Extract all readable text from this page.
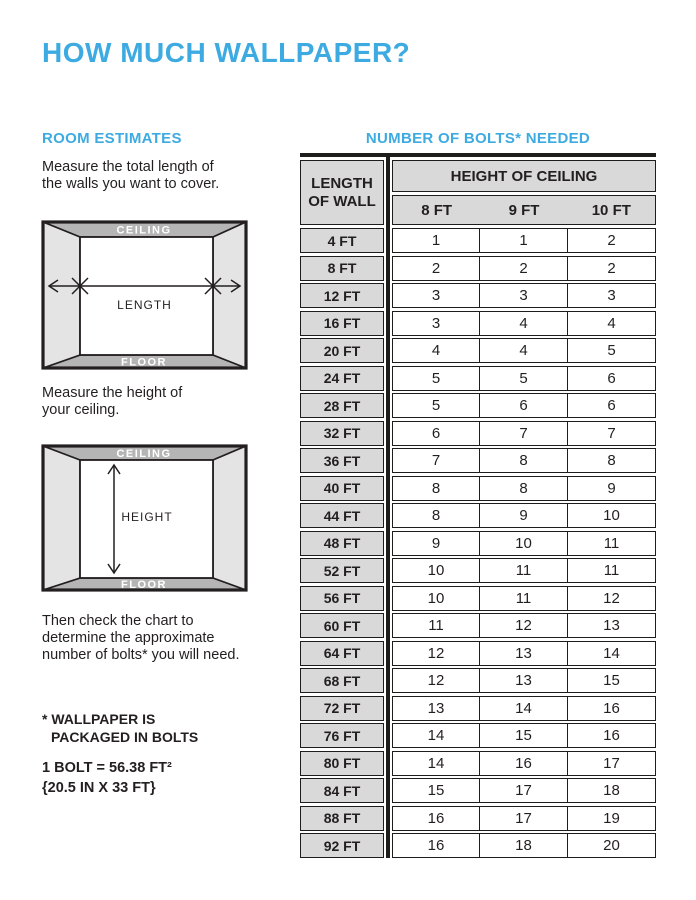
HOW MUCH WALLPAPER?
ROOM ESTIMATES

Measure the total length of
the walls you want to cover.

CEILING
FLOOR
LENGTH

Measure the height of
your ceiling.

CEILING
FLOOR
HEIGHT

Then check the chart to
determine the approximate
number of bolts* you will need.

* WALLPAPER IS
PACKAGED IN BOLTS

1 BOLT = 56.38 FT²
{20.5 IN X 33 FT}

NUMBER OF BOLTS* NEEDED
LENGTH
OF WALL
HEIGHT OF CEILING
8 FT	9 FT	10 FT
4 FT	1	1	2
8 FT	2	2	2
12 FT	3	3	3
16 FT	3	4	4
20 FT	4	4	5
24 FT	5	5	6
28 FT	5	6	6
32 FT	6	7	7
36 FT	7	8	8
40 FT	8	8	9
44 FT	8	9	10
48 FT	9	10	11
52 FT	10	11	11
56 FT	10	11	12
60 FT	11	12	13
64 FT	12	13	14
68 FT	12	13	15
72 FT	13	14	16
76 FT	14	15	16
80 FT	14	16	17
84 FT	15	17	18
88 FT	16	17	19
92 FT	16	18	20
